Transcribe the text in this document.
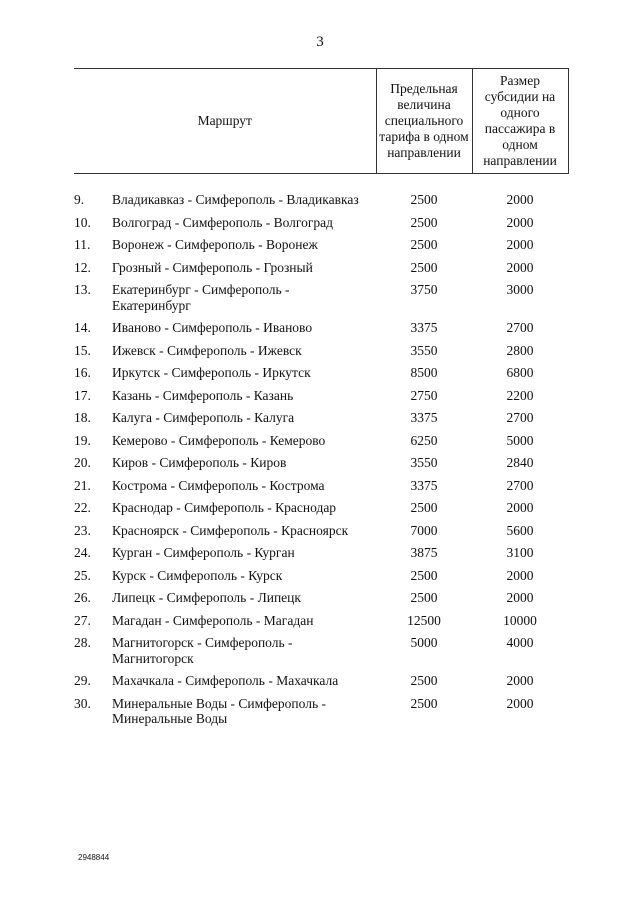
3
Маршрут	Предельная величина специального тарифа в одном направлении	Размер субсидии на одного пассажира в одном направлении

9. Владикавказ - Симферополь - Владикавказ	2500	2000
10. Волгоград - Симферополь - Волгоград	2500	2000
11. Воронеж - Симферополь - Воронеж	2500	2000
12. Грозный - Симферополь - Грозный	2500	2000
13. Екатеринбург - Симферополь - Екатеринбург	3750	3000
14. Иваново - Симферополь - Иваново	3375	2700
15. Ижевск - Симферополь - Ижевск	3550	2800
16. Иркутск - Симферополь - Иркутск	8500	6800
17. Казань - Симферополь - Казань	2750	2200
18. Калуга - Симферополь - Калуга	3375	2700
19. Кемерово - Симферополь - Кемерово	6250	5000
20. Киров - Симферополь - Киров	3550	2840
21. Кострома - Симферополь - Кострома	3375	2700
22. Краснодар - Симферополь - Краснодар	2500	2000
23. Красноярск - Симферополь - Красноярск	7000	5600
24. Курган - Симферополь - Курган	3875	3100
25. Курск - Симферополь - Курск	2500	2000
26. Липецк - Симферополь - Липецк	2500	2000
27. Магадан - Симферополь - Магадан	12500	10000
28. Магнитогорск - Симферополь - Магнитогорск	5000	4000
29. Махачкала - Симферополь - Махачкала	2500	2000
30. Минеральные Воды - Симферополь - Минеральные Воды	2500	2000
2948844
